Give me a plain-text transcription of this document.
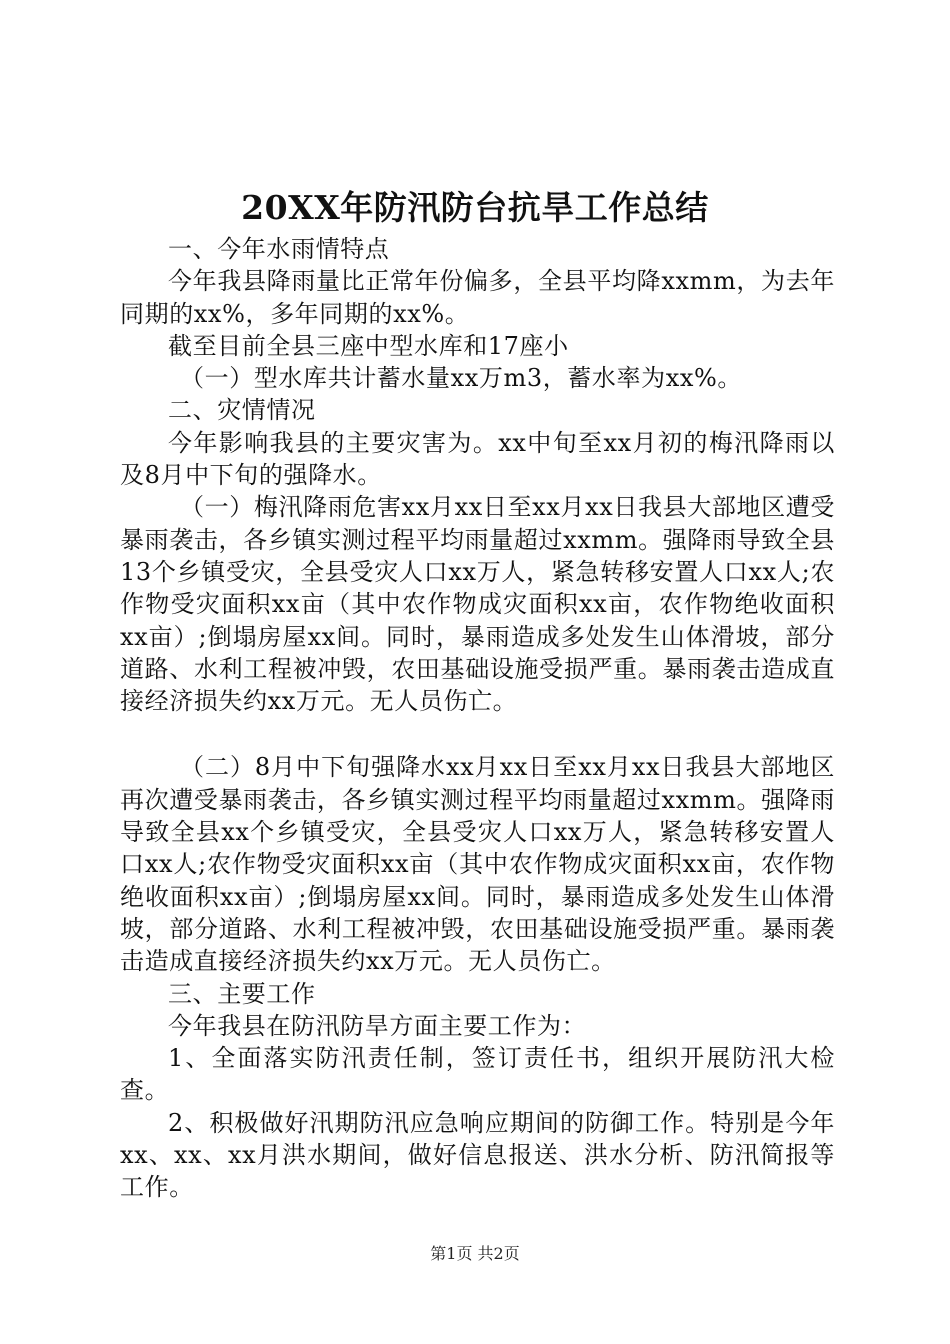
20XX年防汛防台抗旱工作总结

一、今年水雨情特点

今年我县降雨量比正常年份偏多，全县平均降xxmm，为去年同期的xx%，多年同期的xx%。

截至目前全县三座中型水库和17座小

（一）型水库共计蓄水量xx万m3，蓄水率为xx%。

二、灾情情况

今年影响我县的主要灾害为。xx中旬至xx月初的梅汛降雨以及8月中下旬的强降水。

（一）梅汛降雨危害xx月xx日至xx月xx日我县大部地区遭受暴雨袭击，各乡镇实测过程平均雨量超过xxmm。强降雨导致全县13个乡镇受灾，全县受灾人口xx万人，紧急转移安置人口xx人;农作物受灾面积xx亩（其中农作物成灾面积xx亩，农作物绝收面积xx亩）;倒塌房屋xx间。同时，暴雨造成多处发生山体滑坡，部分道路、水利工程被冲毁，农田基础设施受损严重。暴雨袭击造成直接经济损失约xx万元。无人员伤亡。

（二）8月中下旬强降水xx月xx日至xx月xx日我县大部地区再次遭受暴雨袭击，各乡镇实测过程平均雨量超过xxmm。强降雨导致全县xx个乡镇受灾，全县受灾人口xx万人，紧急转移安置人口xx人;农作物受灾面积xx亩（其中农作物成灾面积xx亩，农作物绝收面积xx亩）;倒塌房屋xx间。同时，暴雨造成多处发生山体滑坡，部分道路、水利工程被冲毁，农田基础设施受损严重。暴雨袭击造成直接经济损失约xx万元。无人员伤亡。

三、主要工作

今年我县在防汛防旱方面主要工作为：

1、全面落实防汛责任制，签订责任书，组织开展防汛大检查。

2、积极做好汛期防汛应急响应期间的防御工作。特别是今年xx、xx、xx月洪水期间，做好信息报送、洪水分析、防汛简报等工作。

第1页 共2页
